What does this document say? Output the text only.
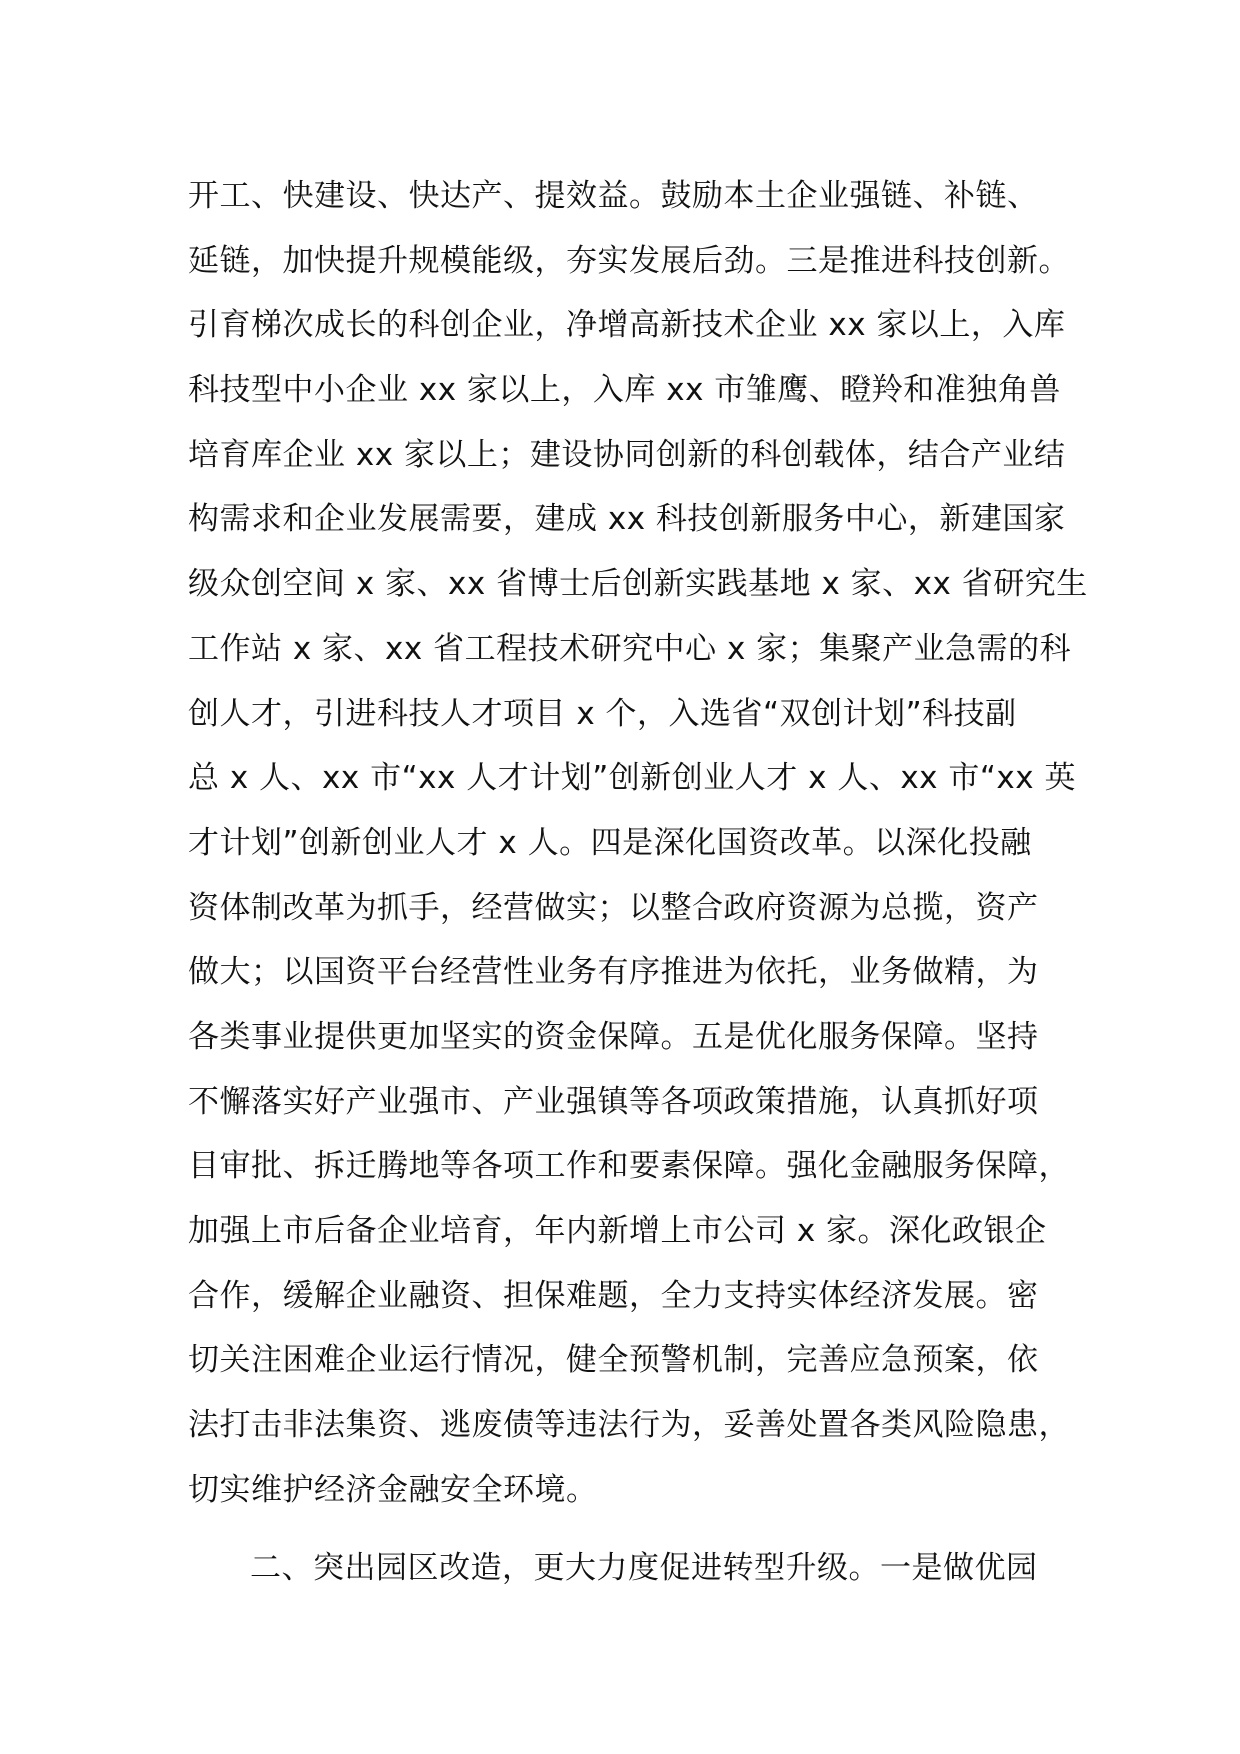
开工、快建设、快达产、提效益。鼓励本土企业强链、补链、
延链，加快提升规模能级，夯实发展后劲。三是推进科技创新。
引育梯次成长的科创企业，净增高新技术企业 xx 家以上，入库
科技型中小企业 xx 家以上，入库 xx 市雏鹰、瞪羚和准独角兽
培育库企业 xx 家以上；建设协同创新的科创载体，结合产业结
构需求和企业发展需要，建成 xx 科技创新服务中心，新建国家
级众创空间 x 家、xx 省博士后创新实践基地 x 家、xx 省研究生
工作站 x 家、xx 省工程技术研究中心 x 家；集聚产业急需的科
创人才，引进科技人才项目 x 个，入选省“双创计划”科技副
总 x 人、xx 市“xx 人才计划”创新创业人才 x 人、xx 市“xx 英
才计划”创新创业人才 x 人。四是深化国资改革。以深化投融
资体制改革为抓手，经营做实；以整合政府资源为总揽，资产
做大；以国资平台经营性业务有序推进为依托，业务做精，为
各类事业提供更加坚实的资金保障。五是优化服务保障。坚持
不懈落实好产业强市、产业强镇等各项政策措施，认真抓好项
目审批、拆迁腾地等各项工作和要素保障。强化金融服务保障，
加强上市后备企业培育，年内新增上市公司 x 家。深化政银企
合作，缓解企业融资、担保难题，全力支持实体经济发展。密
切关注困难企业运行情况，健全预警机制，完善应急预案，依
法打击非法集资、逃废债等违法行为，妥善处置各类风险隐患，
切实维护经济金融安全环境。
二、突出园区改造，更大力度促进转型升级。一是做优园
